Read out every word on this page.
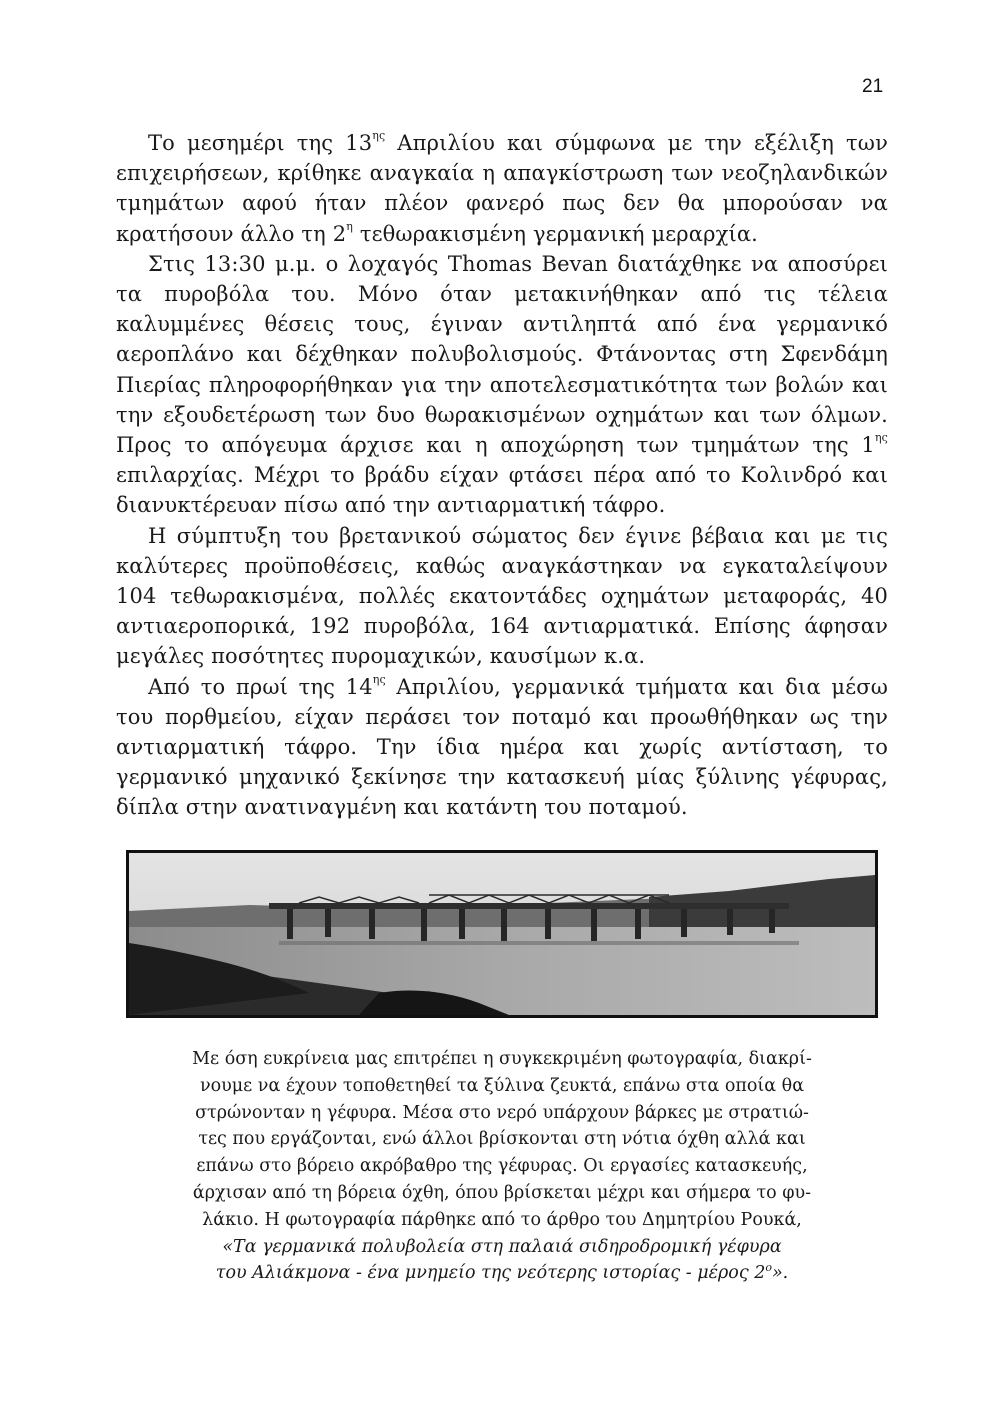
21

Το μεσημέρι της $13^{\eta\varsigma}$ Απριλίου και σύμφωνα με την εξέλιξη των επιχειρήσεων, κρίθηκε αναγκαία η απαγκίστρωση των νεοζηλανδικών τμημάτων αφού ήταν πλέον φανερό πως δεν θα μπορούσαν να κρατήσουν άλλο τη $2^\eta$ τεθωρακισμένη γερμανική μεραρχία.

Στις 13:30 μ.μ. ο λοχαγός Thomas Bevan διατάχθηκε να αποσύρει τα πυροβόλα του. Μόνο όταν μετακινήθηκαν από τις τέλεια καλυμμένες θέσεις τους, έγιναν αντιληπτά από ένα γερμανικό αεροπλάνο και δέχθηκαν πολυβολισμούς. Φτάνοντας στη Σφενδάμη Πιερίας πληροφορήθηκαν για την αποτελεσματικότητα των βολών και την εξουδετέρωση των δυο θωρακισμένων οχημάτων και των όλμων. Προς το απόγευμα άρχισε και η αποχώρηση των τμημάτων της $1^{\eta\varsigma}$ επιλαρχίας. Μέχρι το βράδυ είχαν φτάσει πέρα από το Κολινδρό και διανυκτέρευαν πίσω από την αντιαρματική τάφρο.

Η σύμπτυξη του βρετανικού σώματος δεν έγινε βέβαια και με τις καλύτερες προϋποθέσεις, καθώς αναγκάστηκαν να εγκαταλείψουν 104 τεθωρακισμένα, πολλές εκατοντάδες οχημάτων μεταφοράς, 40 αντιαεροπορικά, 192 πυροβόλα, 164 αντιαρματικά. Επίσης άφησαν μεγάλες ποσότητες πυρομαχικών, καυσίμων κ.α.

Από το πρωί της $14^{\eta\varsigma}$ Απριλίου, γερμανικά τμήματα και δια μέσω του πορθμείου, είχαν περάσει τον ποταμό και προωθήθηκαν ως την αντιαρματική τάφρο. Την ίδια ημέρα και χωρίς αντίσταση, το γερμανικό μηχανικό ξεκίνησε την κατασκευή μίας ξύλινης γέφυρας, δίπλα στην ανατιναγμένη και κατάντη του ποταμού.

Με όση ευκρίνεια μας επιτρέπει η συγκεκριμένη φωτογραφία, διακρί-
νουμε να έχουν τοποθετηθεί τα ξύλινα ζευκτά, επάνω στα οποία θα
στρώνονταν η γέφυρα. Μέσα στο νερό υπάρχουν βάρκες με στρατιώ-
τες που εργάζονται, ενώ άλλοι βρίσκονται στη νότια όχθη αλλά και
επάνω στο βόρειο ακρόβαθρο της γέφυρας. Οι εργασίες κατασκευής,
άρχισαν από τη βόρεια όχθη, όπου βρίσκεται μέχρι και σήμερα το φυ-
λάκιο. Η φωτογραφία πάρθηκε από το άρθρο του Δημητρίου Ρουκά,
«Τα γερμανικά πολυβολεία στη παλαιά σιδηροδρομική γέφυρα
του Αλιάκμονα - ένα μνημείο της νεότερης ιστορίας - μέρος $2^o$».
